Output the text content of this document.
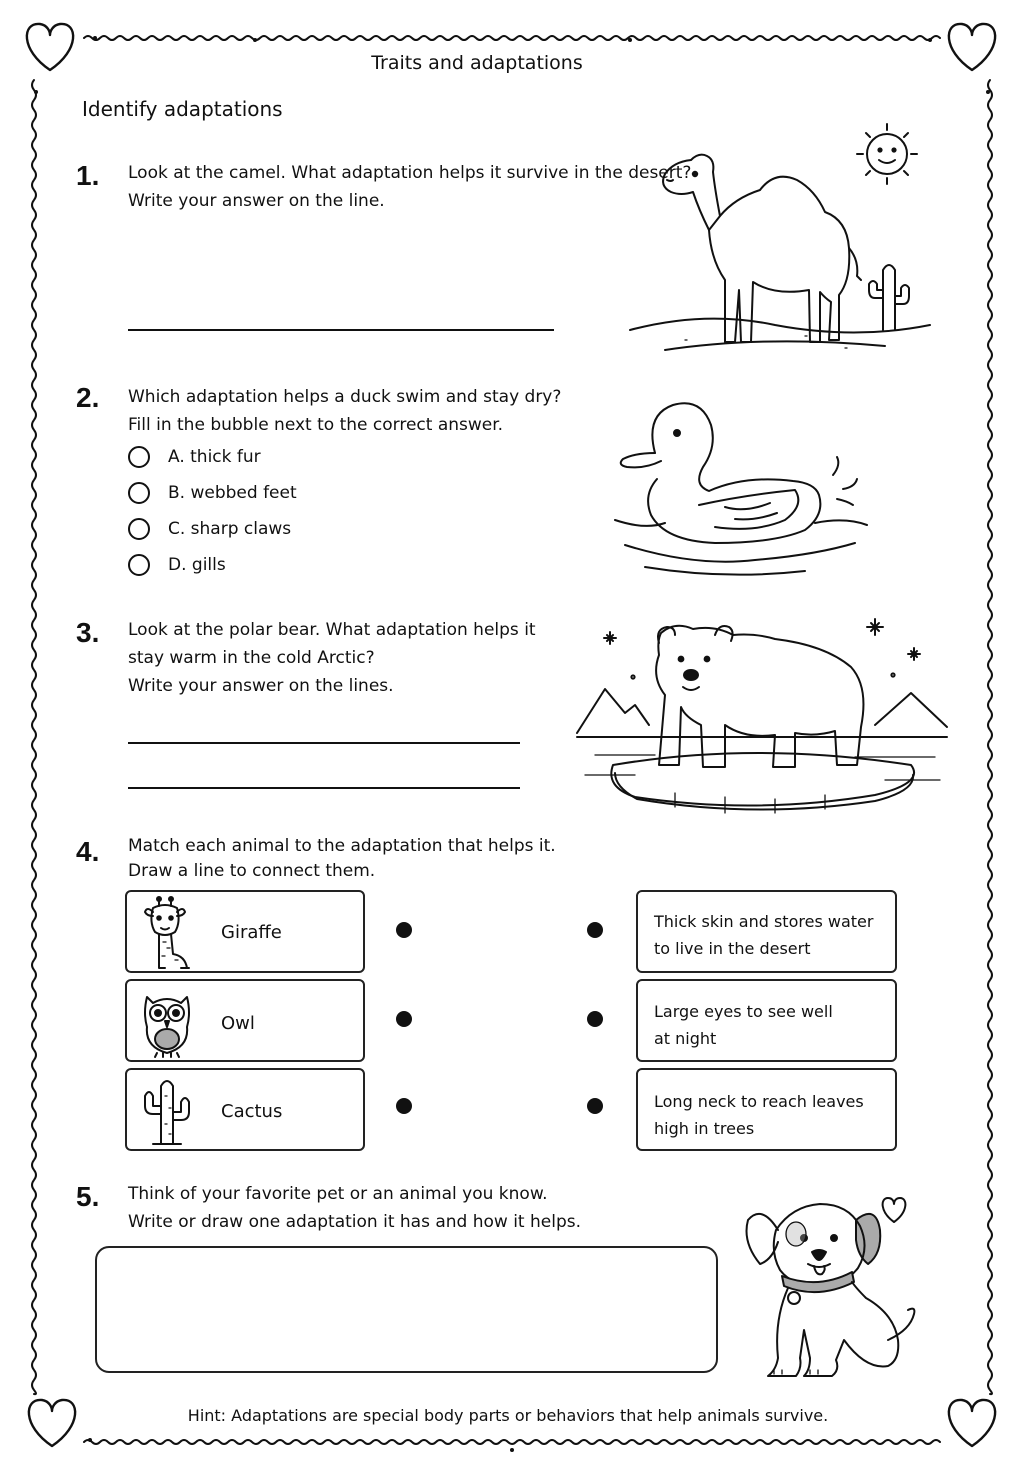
Traits and adaptations
Identify adaptations
1. Look at the camel. What adaptation helps it survive in the desert?
Write your answer on the line.
2. Which adaptation helps a duck swim and stay dry?
Fill in the bubble next to the correct answer.
A. thick fur
B. webbed feet
C. sharp claws
D. gills
3. Look at the polar bear. What adaptation helps it
stay warm in the cold Arctic?
Write your answer on the lines.
4. Match each animal to the adaptation that helps it.
Draw a line to connect them.
Giraffe
Owl
Cactus
Thick skin and stores water
to live in the desert
Large eyes to see well
at night
Long neck to reach leaves
high in trees
5. Think of your favorite pet or an animal you know.
Write or draw one adaptation it has and how it helps.
Hint: Adaptations are special body parts or behaviors that help animals survive.
